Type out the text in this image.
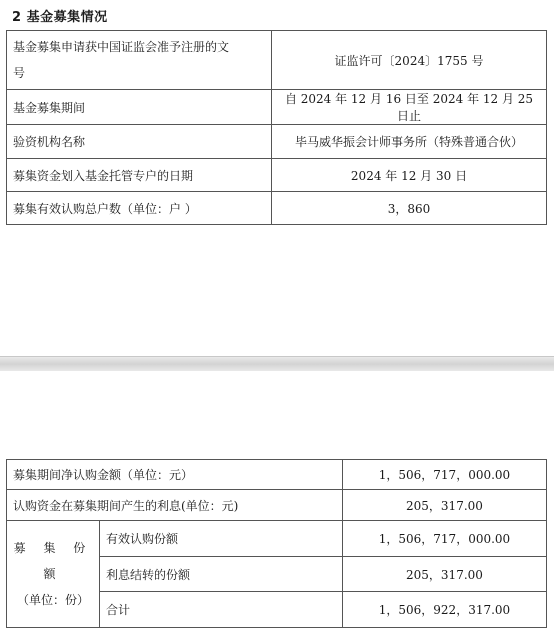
2 基金募集情况
基金募集申请获中国证监会准予注册的文
号	证监许可〔2024〕1755 号
基金募集期间	自 2024 年 12 月 16 日至 2024 年 12 月 25 日止
验资机构名称	毕马威华振会计师事务所（特殊普通合伙）
募集资金划入基金托管专户的日期	2024 年 12 月 30 日
募集有效认购总户数（单位：户 ）	3，860
募集期间净认购金额（单位：元）		1，506，717，000.00
认购资金在募集期间产生的利息(单位：元)		205，317.00
募 集 份 额
（单位：份）	有效认购份额	1，506，717，000.00
	利息结转的份额	205，317.00
	合计	1，506，922，317.00
